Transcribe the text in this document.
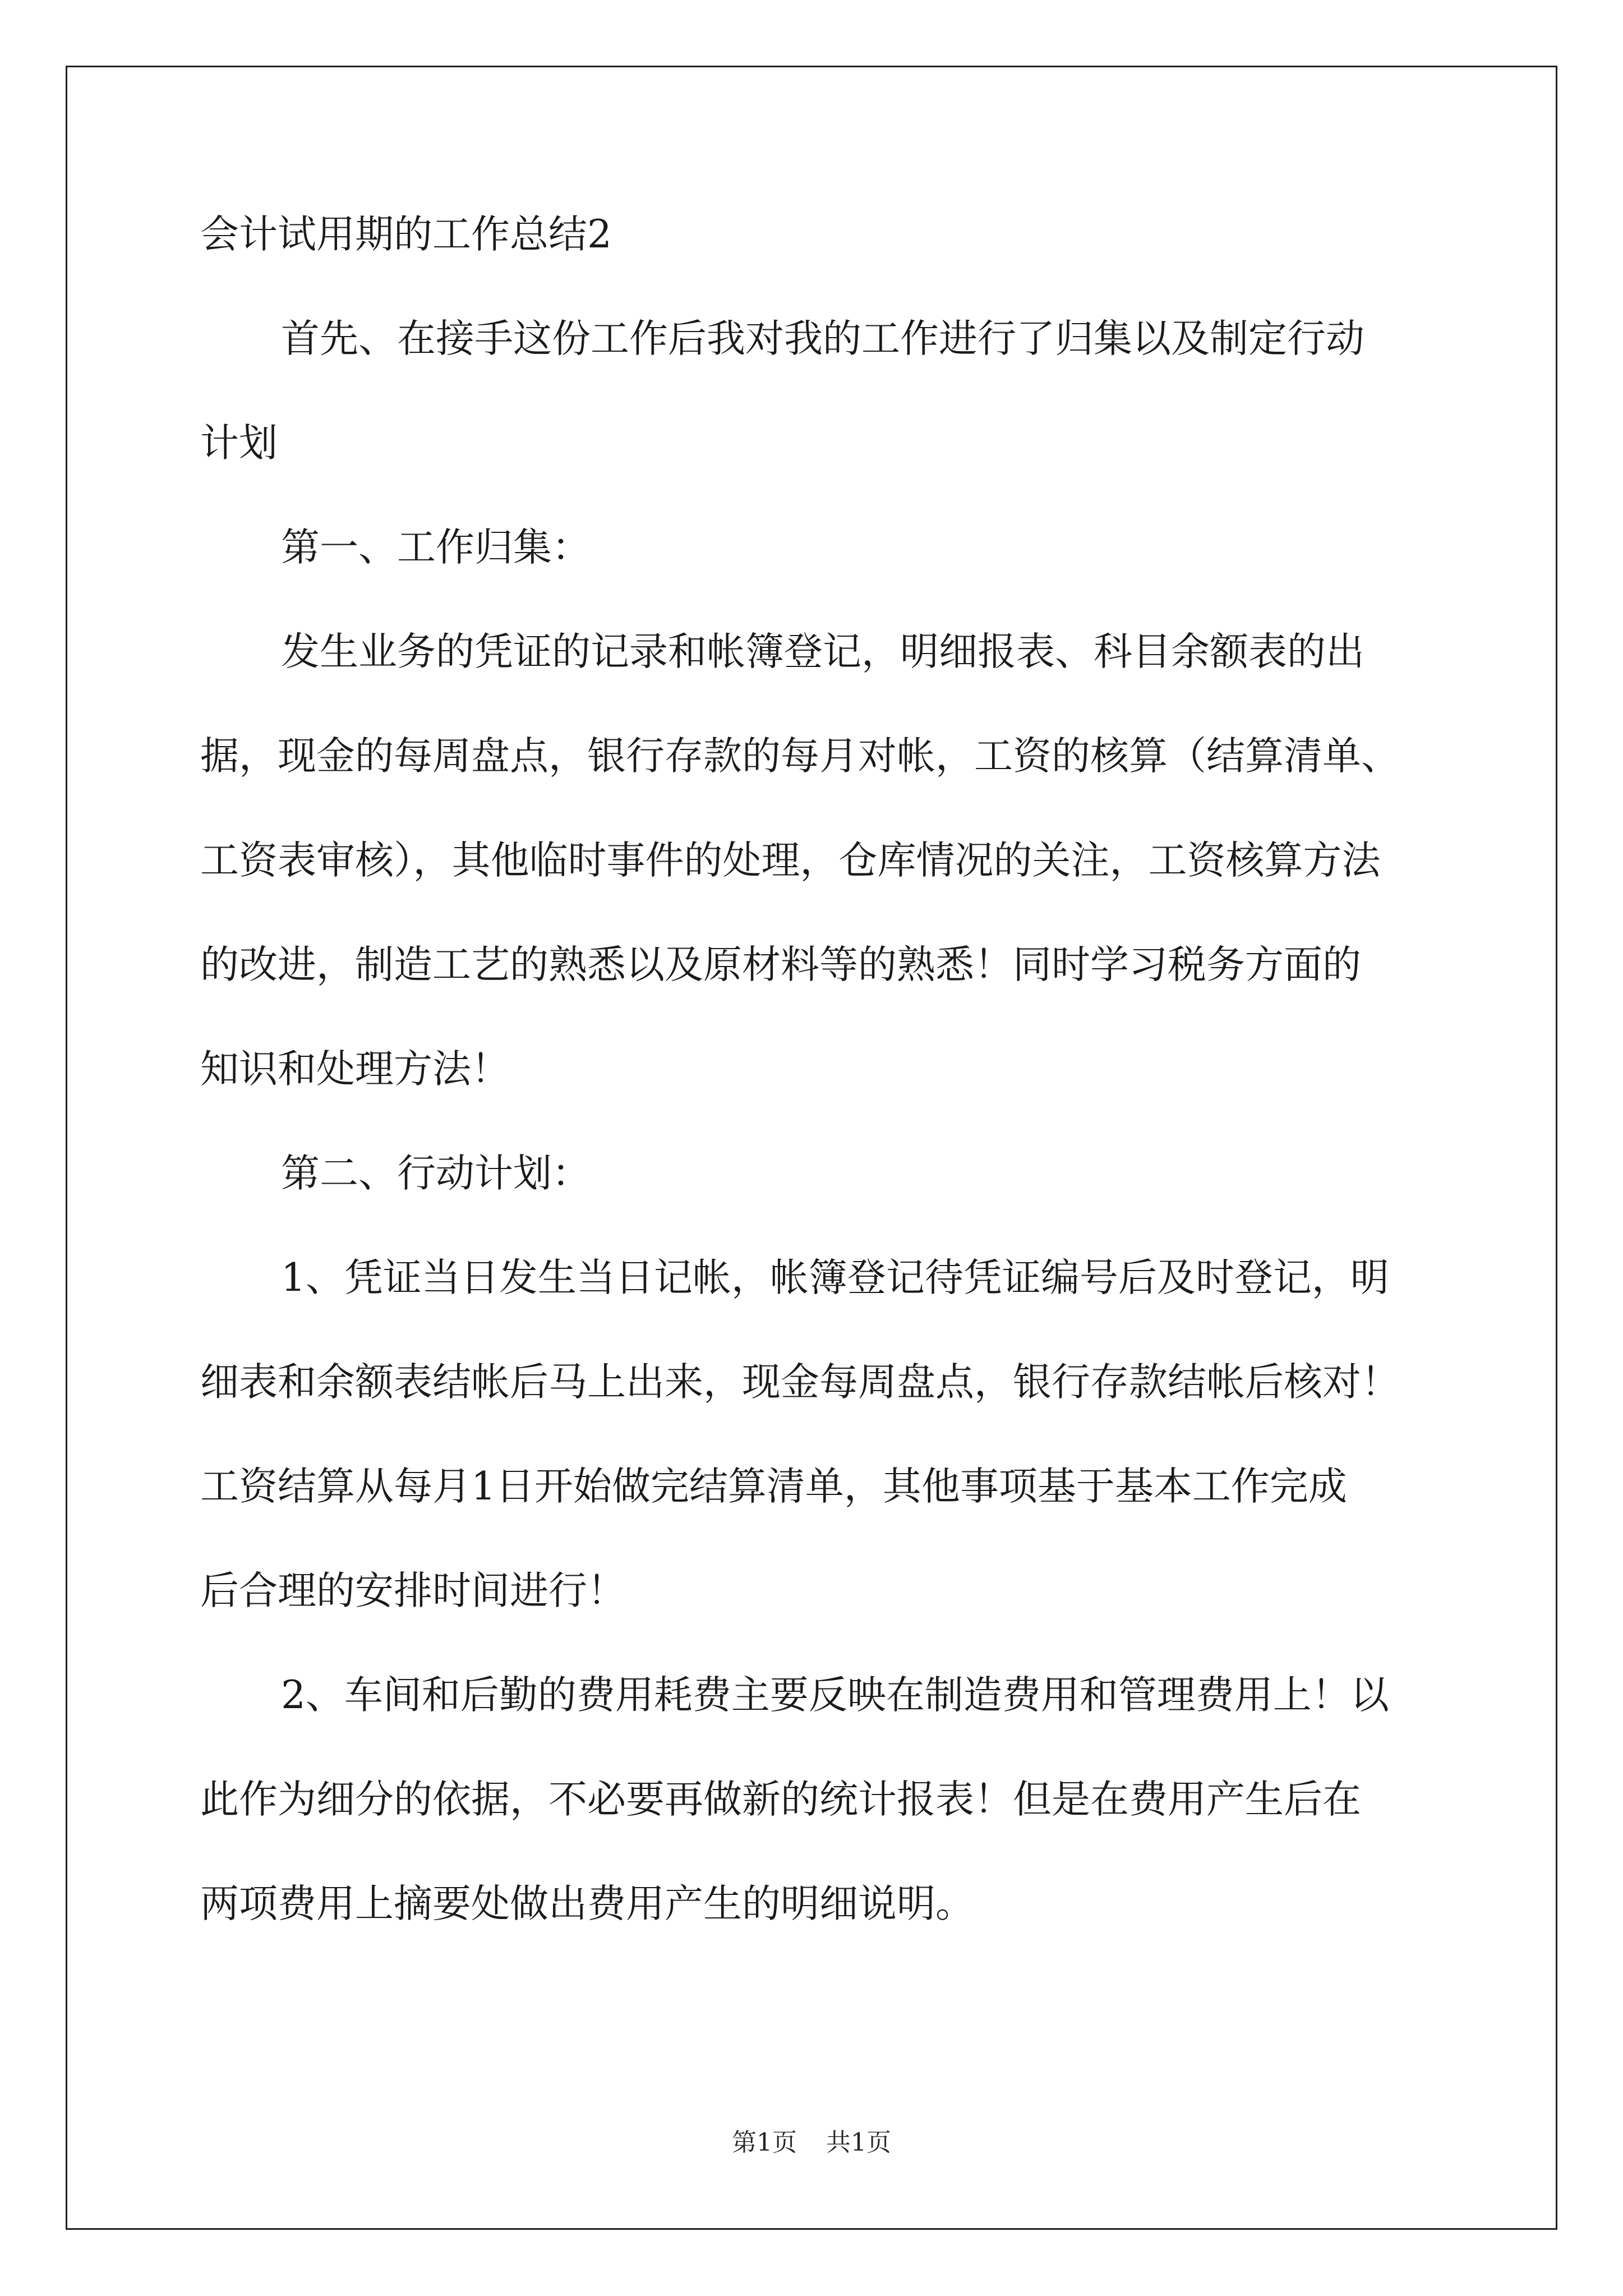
会计试用期的工作总结2
首先、在接手这份工作后我对我的工作进行了归集以及制定行动
计划
第一、工作归集：
发生业务的凭证的记录和帐簿登记，明细报表、科目余额表的出
据，现金的每周盘点，银行存款的每月对帐，工资的核算（结算清单、
工资表审核），其他临时事件的处理，仓库情况的关注，工资核算方法
的改进，制造工艺的熟悉以及原材料等的熟悉！同时学习税务方面的
知识和处理方法！
第二、行动计划：
1、凭证当日发生当日记帐，帐簿登记待凭证编号后及时登记，明
细表和余额表结帐后马上出来，现金每周盘点，银行存款结帐后核对！
工资结算从每月1日开始做完结算清单，其他事项基于基本工作完成
后合理的安排时间进行！
2、车间和后勤的费用耗费主要反映在制造费用和管理费用上！以
此作为细分的依据，不必要再做新的统计报表！但是在费用产生后在
两项费用上摘要处做出费用产生的明细说明。
第1页 共1页
